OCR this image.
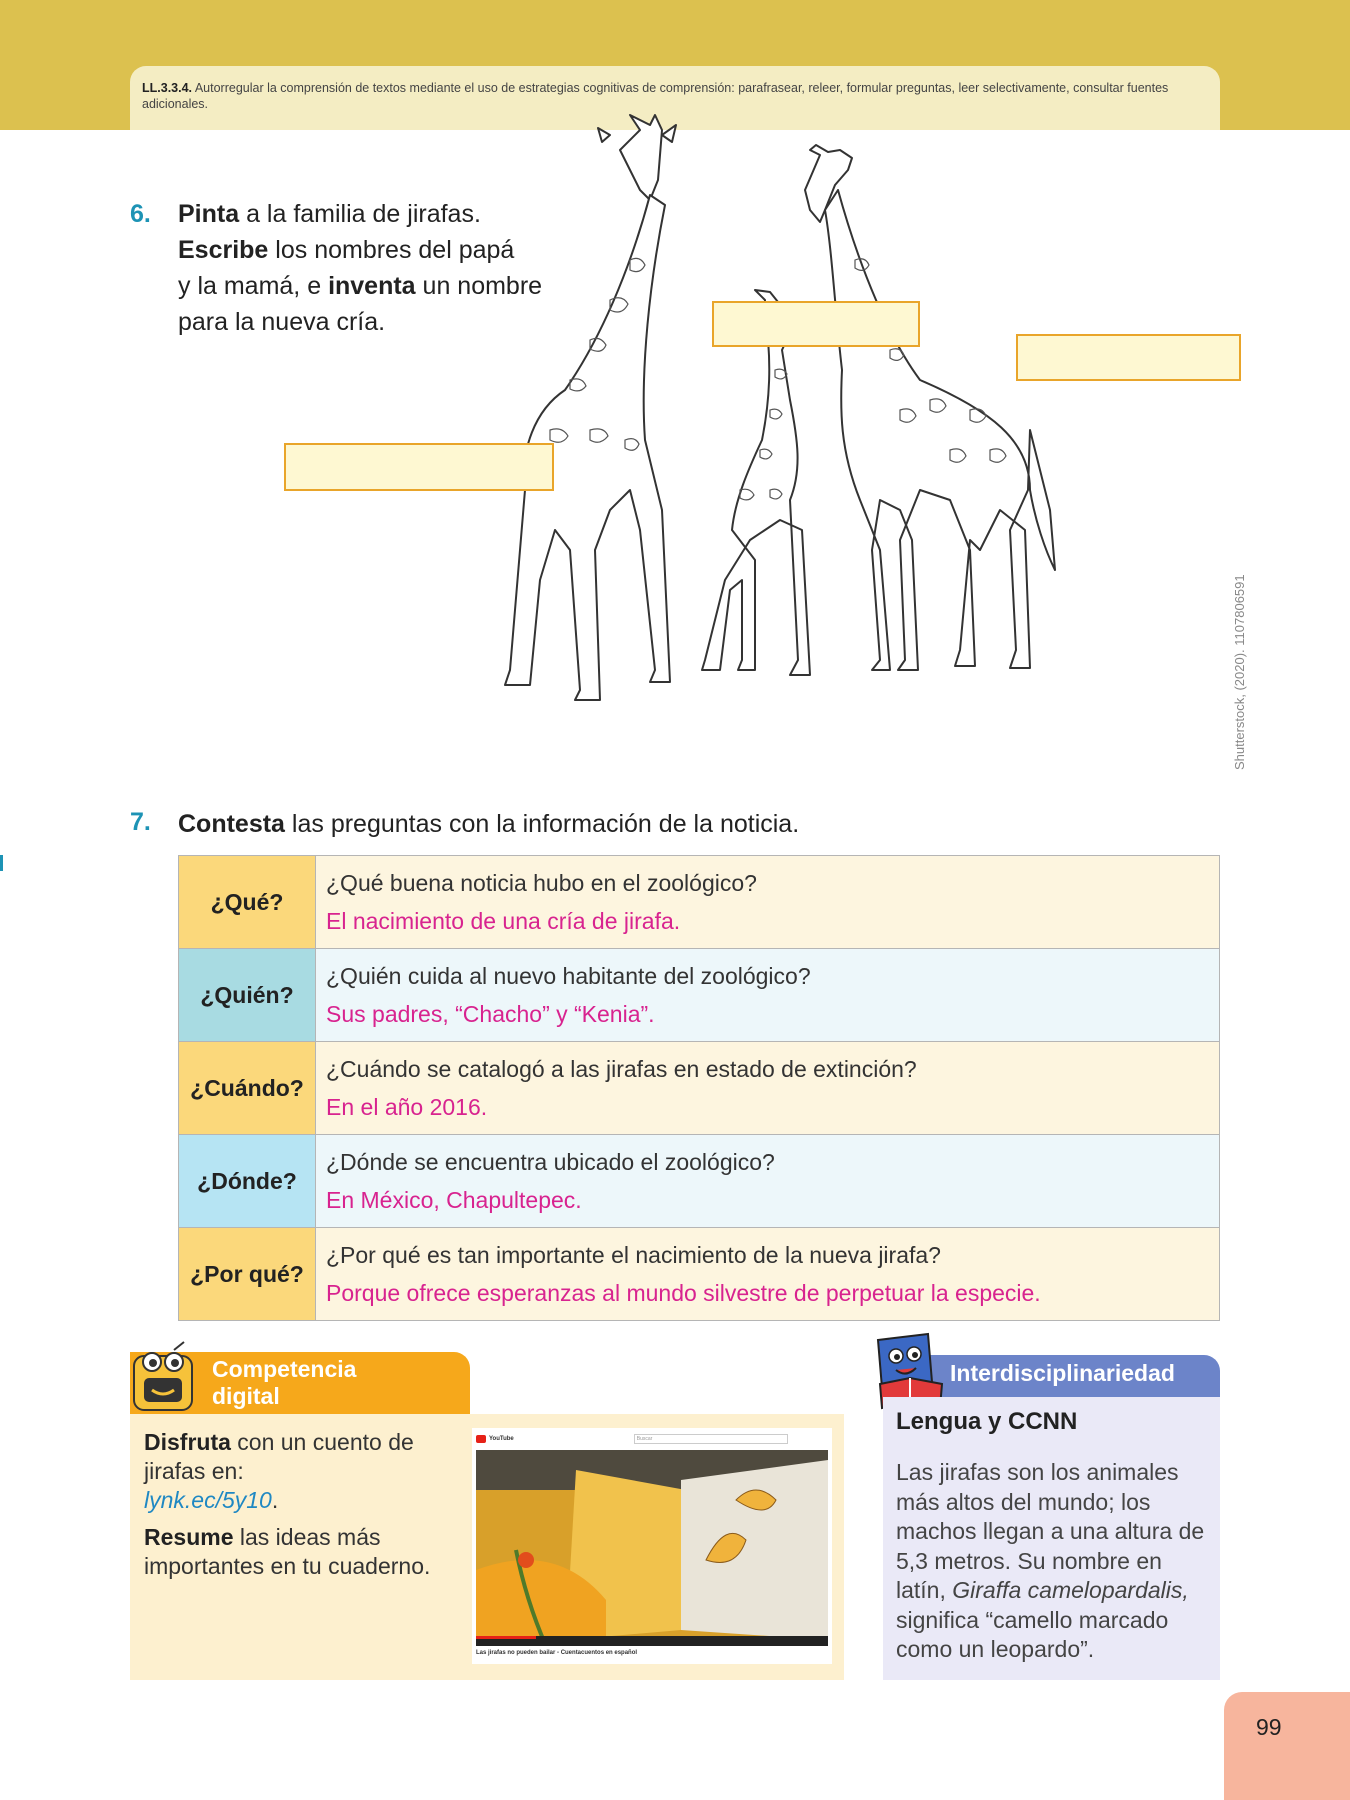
LL.3.3.4. Autorregular la comprensión de textos mediante el uso de estrategias cognitivas de comprensión: parafrasear, releer, formular preguntas, leer selectivamente, consultar fuentes adicionales.
6. Pinta a la familia de jirafas.
Escribe los nombres del papá
y la mamá, e inventa un nombre
para la nueva cría.
Shutterstock, (2020). 1107806591
7. Contesta las preguntas con la información de la noticia.
¿Qué?	¿Qué buena noticia hubo en el zoológico?
El nacimiento de una cría de jirafa.

¿Quién?	¿Quién cuida al nuevo habitante del zoológico?
Sus padres, “Chacho” y “Kenia”.

¿Cuándo?	¿Cuándo se catalogó a las jirafas en estado de extinción?
En el año 2016.

¿Dónde?	¿Dónde se encuentra ubicado el zoológico?
En México, Chapultepec.

¿Por qué?	¿Por qué es tan importante el nacimiento de la nueva jirafa?
Porque ofrece esperanzas al mundo silvestre de perpetuar la especie.
Competencia
digital
Disfruta con un cuento de jirafas en:
lynk.ec/5y10.
Resume las ideas más importantes en tu cuaderno.
YouTube	Buscar
Las jirafas no pueden bailar - Cuentacuentos en español
Interdisciplinariedad
Lengua y CCNN
Las jirafas son los animales más altos del mundo; los machos llegan a una altura de 5,3 metros. Su nombre en latín, Giraffa camelopardalis, significa “camello marcado como un leopardo”.
99
